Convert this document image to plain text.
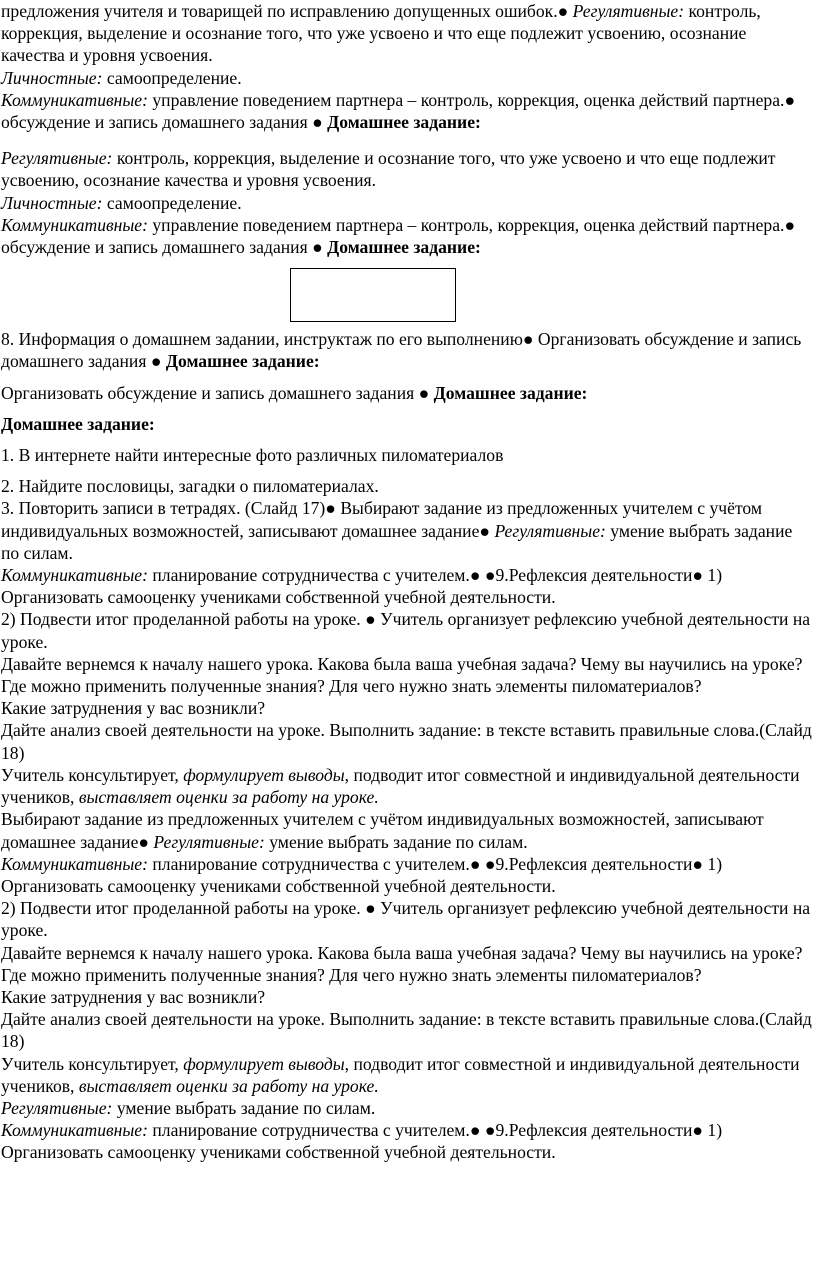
предложения учителя и товарищей по исправлению допущенных ошибок.● Регулятивные: контроль, коррекция, выделение и осознание того, что уже усвоено и что еще подлежит усвоению, осознание качества и уровня усвоения.

Личностные: самоопределение.

Коммуникативные: управление поведением партнера – контроль, коррекция, оценка действий партнера.●

обсуждение и запись домашнего задания ● Домашнее задание:

Регулятивные: контроль, коррекция, выделение и осознание того, что уже усвоено и что еще подлежит усвоению, осознание качества и уровня усвоения.

Личностные: самоопределение.

Коммуникативные: управление поведением партнера – контроль, коррекция, оценка действий партнера.●

обсуждение и запись домашнего задания ● Домашнее задание:

8. Информация о домашнем задании, инструктаж по его выполнению● Организовать обсуждение и запись домашнего задания ● Домашнее задание:

Организовать обсуждение и запись домашнего задания ● Домашнее задание:

Домашнее задание:

1. В интернете найти интересные фото различных пиломатериалов

2. Найдите пословицы, загадки о пиломатериалах.

3. Повторить записи в тетрадях. (Слайд 17)● Выбирают задание из предложенных учителем с учётом индивидуальных возможностей, записывают домашнее задание● Регулятивные: умение выбрать задание по силам.

Коммуникативные: планирование сотрудничества с учителем.● ●9.Рефлексия деятельности● 1) Организовать самооценку учениками собственной учебной деятельности.

2) Подвести итог проделанной работы на уроке. ● Учитель организует рефлексию учебной деятельности на уроке.

Давайте вернемся к началу нашего урока. Какова была ваша учебная задача? Чему вы научились на уроке? Где можно применить полученные знания? Для чего нужно знать элементы пиломатериалов?

Какие затруднения у вас возникли?

Дайте анализ своей деятельности на уроке. Выполнить задание: в тексте вставить правильные слова.(Слайд 18)

Учитель консультирует, формулирует выводы, подводит итог совместной и индивидуальной деятельности учеников, выставляет оценки за работу на уроке.

Выбирают задание из предложенных учителем с учётом индивидуальных возможностей, записывают домашнее задание● Регулятивные: умение выбрать задание по силам.

Коммуникативные: планирование сотрудничества с учителем.● ●9.Рефлексия деятельности● 1) Организовать самооценку учениками собственной учебной деятельности.

2) Подвести итог проделанной работы на уроке. ● Учитель организует рефлексию учебной деятельности на уроке.

Давайте вернемся к началу нашего урока. Какова была ваша учебная задача? Чему вы научились на уроке? Где можно применить полученные знания? Для чего нужно знать элементы пиломатериалов?

Какие затруднения у вас возникли?

Дайте анализ своей деятельности на уроке. Выполнить задание: в тексте вставить правильные слова.(Слайд 18)

Учитель консультирует, формулирует выводы, подводит итог совместной и индивидуальной деятельности учеников, выставляет оценки за работу на уроке.

Регулятивные: умение выбрать задание по силам.

Коммуникативные: планирование сотрудничества с учителем.● ●9.Рефлексия деятельности● 1) Организовать самооценку учениками собственной учебной деятельности.
